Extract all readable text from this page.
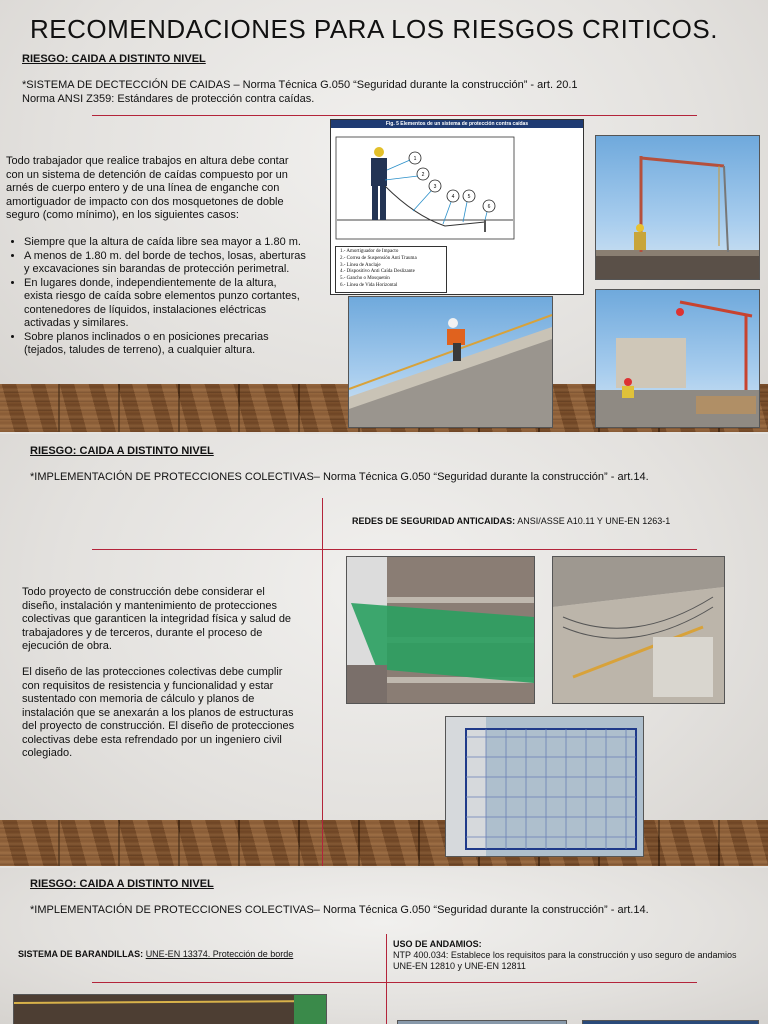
RECOMENDACIONES PARA LOS RIESGOS CRITICOS.
RIESGO: CAIDA A DISTINTO NIVEL
*SISTEMA DE DECTECCIÓN DE CAIDAS – Norma Técnica G.050 “Seguridad durante la construcción” - art. 20.1
Norma ANSI Z359: Estándares de protección contra caídas.
Todo trabajador que realice trabajos en altura debe contar con un sistema de detención de caídas compuesto por un arnés de cuerpo entero y de una línea de enganche con amortiguador de impacto con dos mosquetones de doble seguro (como mínimo), en los siguientes casos:
• Siempre que la altura de caída libre sea mayor a 1.80 m.
• A menos de 1.80 m. del borde de techos, losas, aberturas y excavaciones sin barandas de protección perimetral.
• En lugares donde, independientemente de la altura, exista riesgo de caída sobre elementos punzo cortantes, contenedores de líquidos, instalaciones eléctricas activadas y similares.
• Sobre planos inclinados o en posiciones precarias (tejados, taludes de terreno), a cualquier altura.
Fig. 5 Elementos de un sistema de protección contra caídas
1
2
3
4	5
6
1.- Amortiguador de Impacto
2.- Correa de Suspensión Anti Trauma
3.- Línea de Anclaje
4.- Dispositivo Anti Caída Deslizante
5.- Gancho o Mosquetón
6.- Línea de Vida Horizontal
RIESGO: CAIDA A DISTINTO NIVEL
*IMPLEMENTACIÓN DE PROTECCIONES COLECTIVAS– Norma Técnica G.050 “Seguridad durante la construcción” - art.14.
REDES DE SEGURIDAD ANTICAIDAS: ANSI/ASSE A10.11 Y UNE-EN 1263-1
Todo proyecto de construcción debe considerar el diseño, instalación y mantenimiento de protecciones colectivas que garanticen la integridad física y salud de trabajadores y de terceros, durante el proceso de ejecución de obra.
El diseño de las protecciones colectivas debe cumplir con requisitos de resistencia y funcionalidad y estar sustentado con memoria de cálculo y planos de instalación que se anexarán a los planos de estructuras del proyecto de construcción. El diseño de protecciones colectivas debe esta refrendado por un ingeniero civil colegiado.
RIESGO: CAIDA A DISTINTO NIVEL
*IMPLEMENTACIÓN DE PROTECCIONES COLECTIVAS– Norma Técnica G.050 “Seguridad durante la construcción” - art.14.
SISTEMA DE BARANDILLAS: UNE-EN 13374. Protección de borde
USO DE ANDAMIOS:
NTP 400.034: Establece los requisitos para la construcción y uso seguro de andamios
UNE-EN 12810 y UNE-EN 12811
